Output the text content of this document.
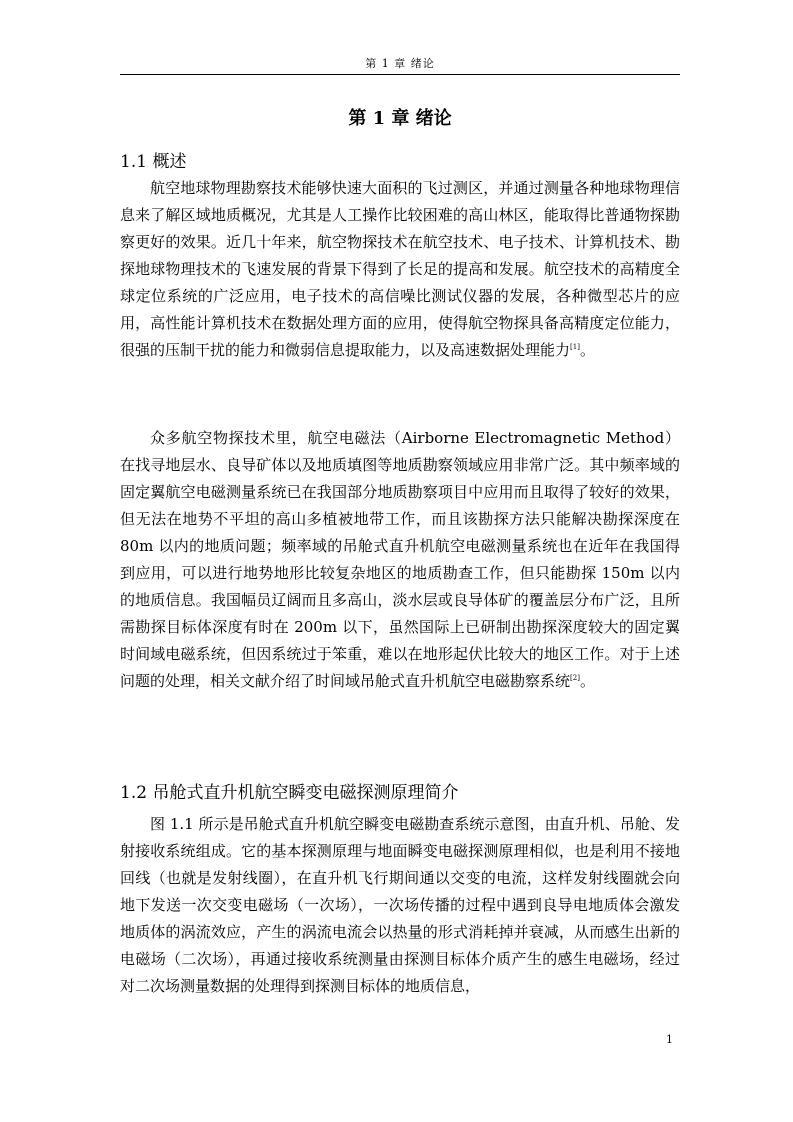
第 1 章 绪论
第 1 章 绪论
1.1 概述

航空地球物理勘察技术能够快速大面积的飞过测区，并通过测量各种地球物理信息来了解区域地质概况，尤其是人工操作比较困难的高山林区，能取得比普通物探勘察更好的效果。近几十年来，航空物探技术在航空技术、电子技术、计算机技术、勘探地球物理技术的飞速发展的背景下得到了长足的提高和发展。航空技术的高精度全球定位系统的广泛应用，电子技术的高信噪比测试仪器的发展，各种微型芯片的应用，高性能计算机技术在数据处理方面的应用，使得航空物探具备高精度定位能力，很强的压制干扰的能力和微弱信息提取能力，以及高速数据处理能力[1]。

众多航空物探技术里，航空电磁法（Airborne Electromagnetic Method）在找寻地层水、良导矿体以及地质填图等地质勘察领域应用非常广泛。其中频率域的固定翼航空电磁测量系统已在我国部分地质勘察项目中应用而且取得了较好的效果，但无法在地势不平坦的高山多植被地带工作，而且该勘探方法只能解决勘探深度在 80m 以内的地质问题；频率域的吊舱式直升机航空电磁测量系统也在近年在我国得到应用，可以进行地势地形比较复杂地区的地质勘查工作，但只能勘探 150m 以内的地质信息。我国幅员辽阔而且多高山，淡水层或良导体矿的覆盖层分布广泛，且所需勘探目标体深度有时在 200m 以下，虽然国际上已研制出勘探深度较大的固定翼时间域电磁系统，但因系统过于笨重，难以在地形起伏比较大的地区工作。对于上述问题的处理，相关文献介绍了时间域吊舱式直升机航空电磁勘察系统[2]。

1.2 吊舱式直升机航空瞬变电磁探测原理简介

图 1.1 所示是吊舱式直升机航空瞬变电磁勘查系统示意图，由直升机、吊舱、发射接收系统组成。它的基本探测原理与地面瞬变电磁探测原理相似，也是利用不接地回线（也就是发射线圈），在直升机飞行期间通以交变的电流，这样发射线圈就会向地下发送一次交变电磁场（一次场），一次场传播的过程中遇到良导电地质体会激发地质体的涡流效应，产生的涡流电流会以热量的形式消耗掉并衰减，从而感生出新的电磁场（二次场），再通过接收系统测量由探测目标体介质产生的感生电磁场，经过对二次场测量数据的处理得到探测目标体的地质信息，

1
